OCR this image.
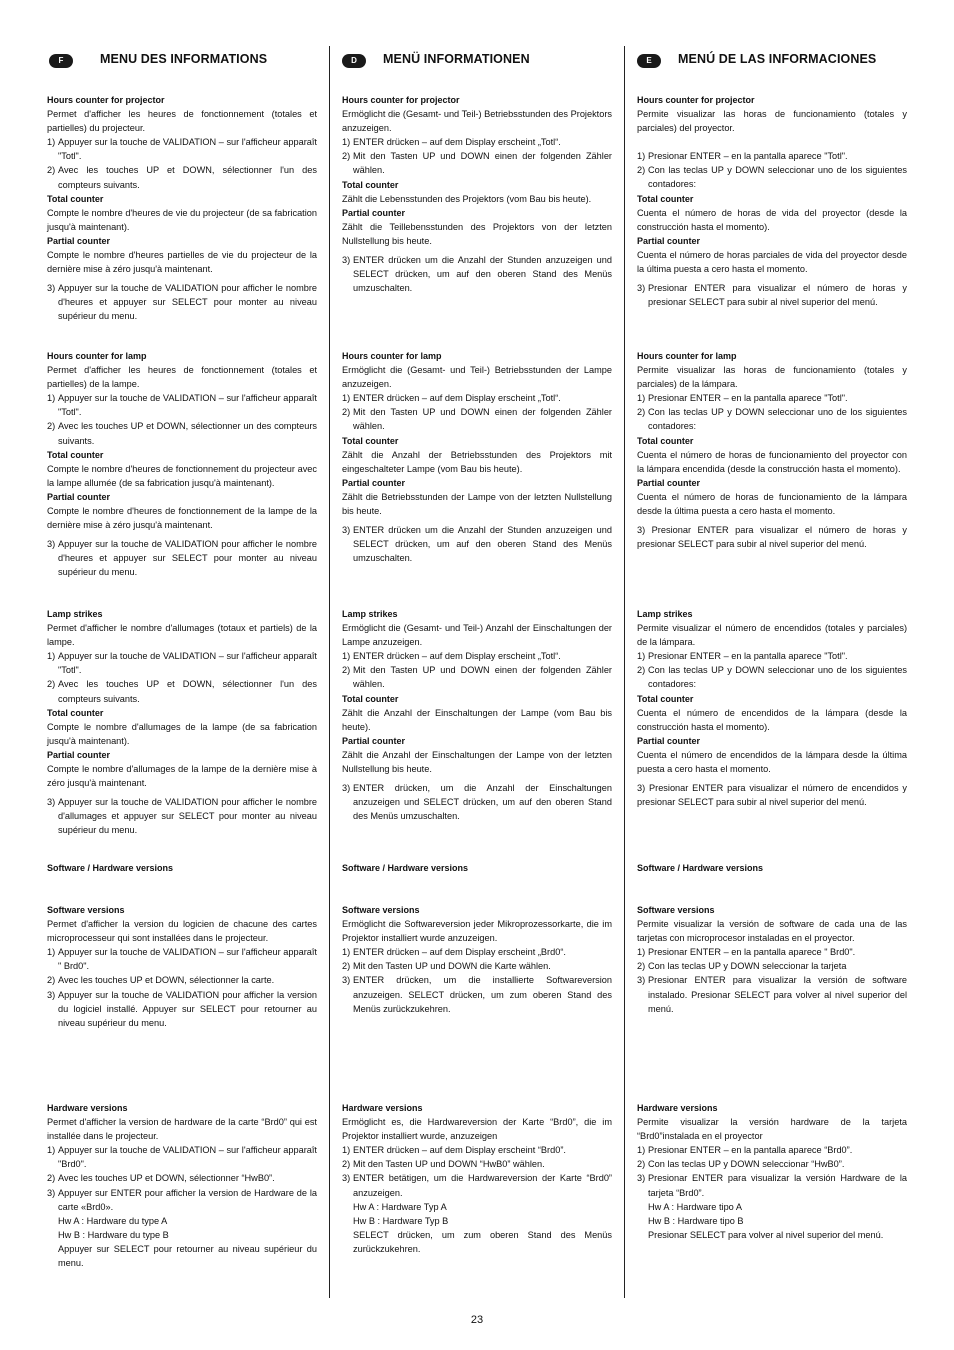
F	MENU DES INFORMATIONS

Hours counter for projector

Permet d'afficher les heures de fonctionnement (totales et partielles) du projecteur.

1) Appuyer sur la touche de VALIDATION – sur l'afficheur apparaît "Totl".
2) Avec les touches UP et DOWN, sélectionner l'un des compteurs suivants.

Total counter

Compte le nombre d'heures de vie du projecteur (de sa fabrication jusqu'à maintenant).

Partial counter

Compte le nombre d'heures partielles de vie du projecteur de la dernière mise à zéro jusqu'à maintenant.

3) Appuyer sur la touche de VALIDATION pour afficher le nombre d'heures et appuyer sur SELECT pour monter au niveau supérieur du menu.

Hours counter for lamp

Permet d'afficher les heures de fonctionnement (totales et partielles) de la lampe.

1) Appuyer sur la touche de VALIDATION – sur l'afficheur apparaît "Totl".
2) Avec les touches UP et DOWN, sélectionner un des compteurs suivants.

Total counter

Compte le nombre d'heures de fonctionnement du projecteur avec la lampe allumée (de sa fabrication jusqu'à maintenant).

Partial counter

Compte le nombre d'heures de fonctionnement de la lampe de la dernière mise à zéro jusqu'à maintenant.

3) Appuyer sur la touche de VALIDATION pour afficher le nombre d'heures et appuyer sur SELECT pour monter au niveau supérieur du menu.

Lamp strikes

Permet d'afficher le nombre d'allumages (totaux et partiels) de la lampe.

1) Appuyer sur la touche de VALIDATION – sur l'afficheur apparaît "Totl".
2) Avec les touches UP et DOWN, sélectionner l'un des compteurs suivants.

Total counter

Compte le nombre d'allumages de la lampe (de sa fabrication jusqu'à maintenant).

Partial counter

Compte le nombre d'allumages de la lampe de la dernière mise à zéro jusqu'à maintenant.

3) Appuyer sur la touche de VALIDATION pour afficher le nombre d'allumages et appuyer sur SELECT pour monter au niveau supérieur du menu.

Software / Hardware versions

Software versions

Permet d'afficher la version du logicien de chacune des cartes microprocesseur qui sont installées dans le projecteur.

1) Appuyer sur la touche de VALIDATION – sur l'afficheur apparaît " Brd0".
2) Avec les touches UP et DOWN, sélectionner la carte.
3) Appuyer sur la touche de VALIDATION pour afficher la version du logiciel installé. Appuyer sur SELECT pour retourner au niveau supérieur du menu.

Hardware versions

Permet d'afficher la version de hardware de la carte “Brd0” qui est installée dans le projecteur.

1) Appuyer sur la touche de VALIDATION – sur l'afficheur apparaît "Brd0".
2) Avec les touches UP et DOWN, sélectionner “HwB0”.
3) Appuyer sur ENTER pour afficher la version de Hardware de la carte «Brd0».

Hw A : Hardware du type A

Hw B : Hardware du type B

Appuyer sur SELECT pour retourner au niveau supérieur du menu.

D	MENÜ INFORMATIONEN

Hours counter for projector

Ermöglicht die (Gesamt- und Teil-) Betriebsstunden des Projektors anzuzeigen.

1) ENTER drücken – auf dem Display erscheint „Totl“.
2) Mit den Tasten UP und DOWN einen der folgenden Zähler wählen.

Total counter

Zählt die Lebensstunden des Projektors (vom Bau bis heute).

Partial counter

Zählt die Teillebensstunden des Projektors von der letzten Nullstellung bis heute.

3) ENTER drücken um die Anzahl der Stunden anzuzeigen und SELECT drücken, um auf den oberen Stand des Menüs umzuschalten.

Hours counter for lamp

Ermöglicht die (Gesamt- und Teil-) Betriebsstunden der Lampe anzuzeigen.

1) ENTER drücken – auf dem Display erscheint „Totl“.
2) Mit den Tasten UP und DOWN einen der folgenden Zähler wählen.

Total counter

Zählt die Anzahl der Betriebsstunden des Projektors mit eingeschalteter Lampe (vom Bau bis heute).

Partial counter

Zählt die Betriebsstunden der Lampe von der letzten Nullstellung bis heute.

3) ENTER drücken um die Anzahl der Stunden anzuzeigen und SELECT drücken, um auf den oberen Stand des Menüs umzuschalten.

Lamp strikes

Ermöglicht die (Gesamt- und Teil-) Anzahl der Einschaltungen der Lampe anzuzeigen.

1) ENTER drücken – auf dem Display erscheint „Totl“.
2) Mit den Tasten UP und DOWN einen der folgenden Zähler wählen.

Total counter

Zählt die Anzahl der Einschaltungen der Lampe (vom Bau bis heute).

Partial counter

Zählt die Anzahl der Einschaltungen der Lampe von der letzten Nullstellung bis heute.

3) ENTER drücken, um die Anzahl der Einschaltungen anzuzeigen und SELECT drücken, um auf den oberen Stand des Menüs umzuschalten.

Software / Hardware versions

Software versions

Ermöglicht die Softwareversion jeder Mikroprozessorkarte, die im Projektor installiert wurde anzuzeigen.

1) ENTER drücken – auf dem Display erscheint „Brd0“.
2) Mit den Tasten UP und DOWN die Karte wählen.
3) ENTER drücken, um die installierte Softwareversion anzuzeigen. SELECT drücken, um zum oberen Stand des Menüs zurückzukehren.

Hardware versions

Ermöglicht es, die Hardwareversion der Karte “Brd0”, die im Projektor installiert wurde, anzuzeigen

1) ENTER drücken – auf dem Display erscheint “Brd0”.
2) Mit den Tasten UP und DOWN “HwB0” wählen.
3) ENTER betätigen, um die Hardwareversion der Karte “Brd0” anzuzeigen.

Hw A : Hardware Typ A

Hw B : Hardware Typ B

SELECT drücken, um zum oberen Stand des Menüs zurückzukehren.

E	MENÚ DE LAS INFORMACIONES

Hours counter for projector

Permite visualizar las horas de funcionamiento (totales y parciales) del proyector.

1) Presionar ENTER – en la pantalla aparece "Totl".
2) Con las teclas UP y DOWN seleccionar uno de los siguientes contadores:

Total counter

Cuenta el número de horas de vida del proyector (desde la construcción hasta el momento).

Partial counter

Cuenta el número de horas parciales de vida del proyector desde la última puesta a cero hasta el momento.

3) Presionar ENTER para visualizar el número de horas y presionar SELECT para subir al nivel superior del menú.

Hours counter for lamp

Permite visualizar las horas de funcionamiento (totales y parciales) de la lámpara.

1) Presionar ENTER – en la pantalla aparece "Totl".
2) Con las teclas UP y DOWN seleccionar uno de los siguientes contadores:

Total counter

Cuenta el número de horas de funcionamiento del proyector con la lámpara encendida (desde la construcción hasta el momento).

Partial counter

Cuenta el número de horas de funcionamiento de la lámpara desde la última puesta a cero hasta el momento.

3) Presionar ENTER para visualizar el número de horas y presionar SELECT para subir al nivel superior del menú.

Lamp strikes

Permite visualizar el número de encendidos (totales y parciales) de la lámpara.

1) Presionar ENTER – en la pantalla aparece "Totl".
2) Con las teclas UP y DOWN seleccionar uno de los siguientes contadores:

Total counter

Cuenta el número de encendidos de la lámpara (desde la construcción hasta el momento).

Partial counter

Cuenta el número de encendidos de la lámpara desde la última puesta a cero hasta el momento.

3) Presionar ENTER para visualizar el número de encendidos y presionar SELECT para subir al nivel superior del menú.

Software / Hardware versions

Software versions

Permite visualizar la versión de software de cada una de las tarjetas con microprocesor instaladas en el proyector.

1) Presionar ENTER – en la pantalla aparece " Brd0".
2) Con las teclas UP y DOWN seleccionar la tarjeta
3) Presionar ENTER para visualizar la versión de software instalado. Presionar SELECT para volver al nivel superior del menú.

Hardware versions

Permite visualizar la versión hardware de la tarjeta “Brd0”instalada en el proyector

1) Presionar ENTER – en la pantalla aparece “Brd0”.
2) Con las teclas UP y DOWN seleccionar “HwB0”.
3) Presionar ENTER para visualizar la versión Hardware de la tarjeta “Brd0”.

Hw A : Hardware tipo A

Hw B : Hardware tipo B

Presionar SELECT para volver al nivel superior del menú.

23
